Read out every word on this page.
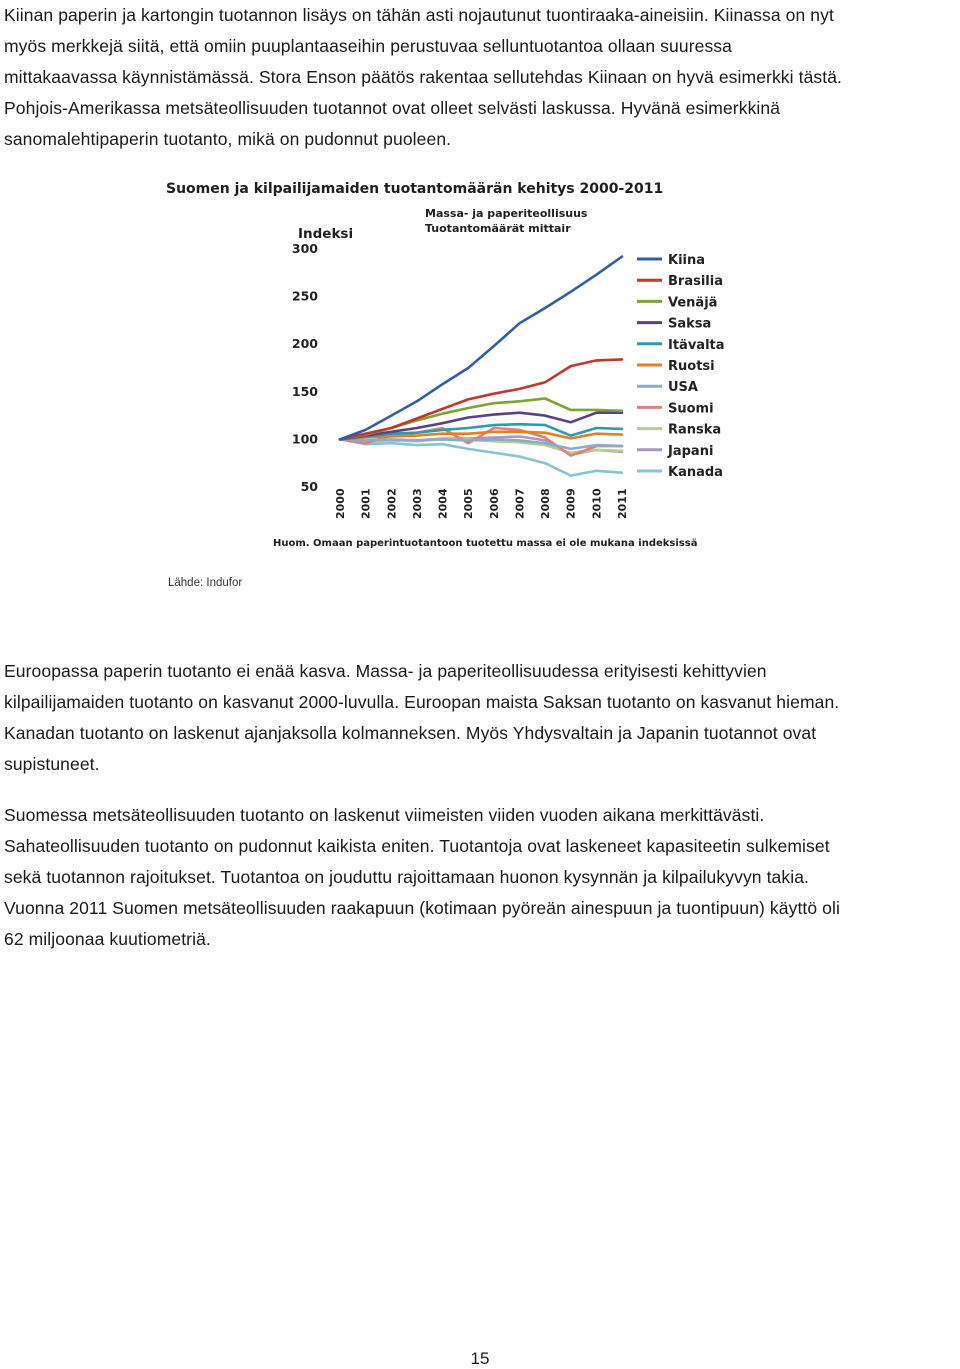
Kiinan paperin ja kartongin tuotannon lisäys on tähän asti nojautunut tuontiraaka-aineisiin. Kiinassa on nyt
myös merkkejä siitä, että omiin puuplantaaseihin perustuvaa selluntuotantoa ollaan suuressa
mittakaavassa käynnistämässä. Stora Enson päätös rakentaa sellutehdas Kiinaan on hyvä esimerkki tästä.
Pohjois-Amerikassa metsäteollisuuden tuotannot ovat olleet selvästi laskussa. Hyvänä esimerkkinä
sanomalehtipaperin tuotanto, mikä on pudonnut puoleen.
Suomen ja kilpailijamaiden tuotantomäärän kehitys 2000-2011
Massa- ja paperiteollisuus
Tuotantomäärät mittair
Indeksi
300
250
200
150
100
50
2000 2001 2002 2003 2004 2005 2006 2007 2008 2009 2010 2011
Kiina
Brasilia
Venäjä
Saksa
Itävalta
Ruotsi
USA
Suomi
Ranska
Japani
Kanada
Huom. Omaan paperintuotantoon tuotettu massa ei ole mukana indeksissä
Lähde: Indufor
Euroopassa paperin tuotanto ei enää kasva. Massa- ja paperiteollisuudessa erityisesti kehittyvien
kilpailijamaiden tuotanto on kasvanut 2000-luvulla. Euroopan maista Saksan tuotanto on kasvanut hieman.
Kanadan tuotanto on laskenut ajanjaksolla kolmanneksen. Myös Yhdysvaltain ja Japanin tuotannot ovat
supistuneet.
Suomessa metsäteollisuuden tuotanto on laskenut viimeisten viiden vuoden aikana merkittävästi.
Sahateollisuuden tuotanto on pudonnut kaikista eniten. Tuotantoja ovat laskeneet kapasiteetin sulkemiset
sekä tuotannon rajoitukset. Tuotantoa on jouduttu rajoittamaan huonon kysynnän ja kilpailukyvyn takia.
Vuonna 2011 Suomen metsäteollisuuden raakapuun (kotimaan pyöreän ainespuun ja tuontipuun) käyttö oli
62 miljoonaa kuutiometriä.
15
